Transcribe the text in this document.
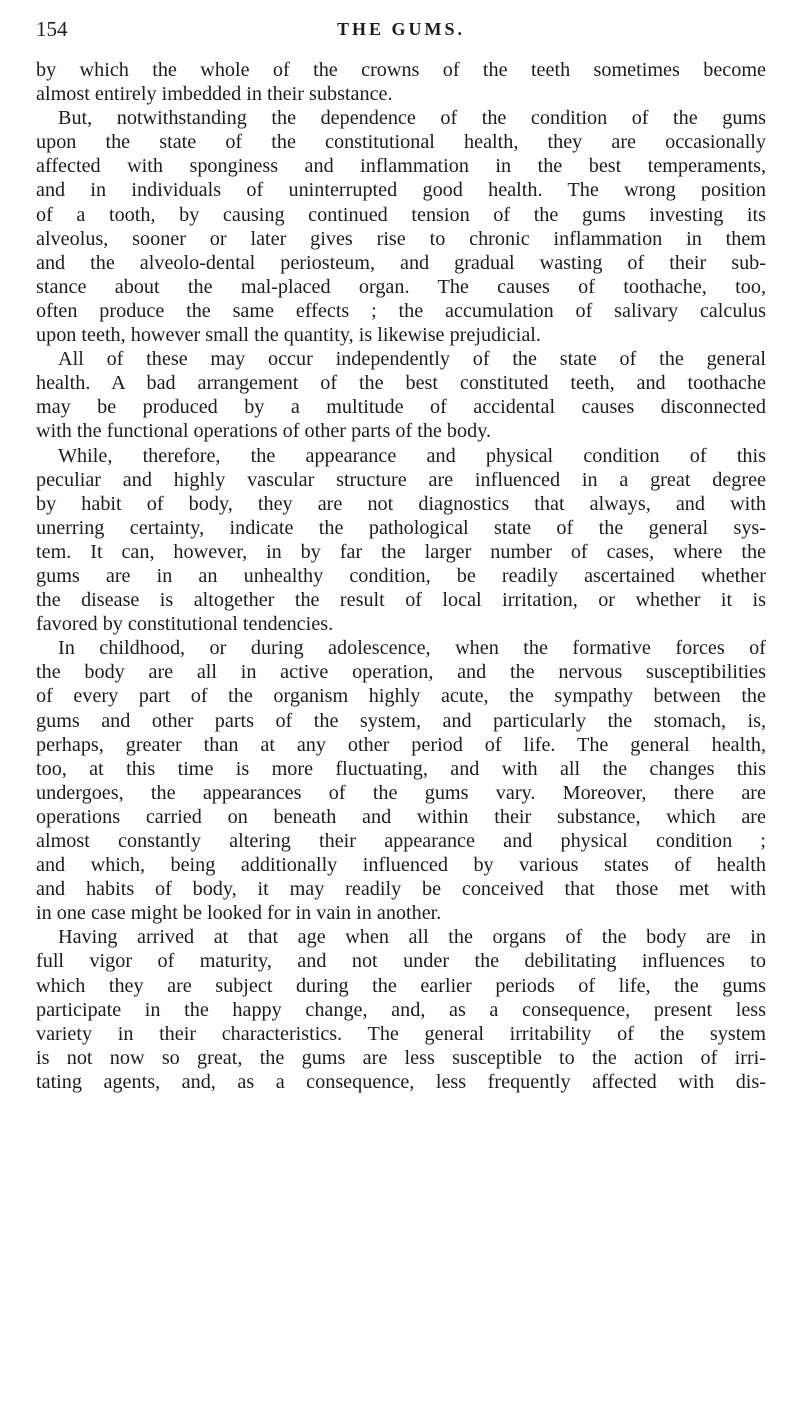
154	THE GUMS.
by which the whole of the crowns of the teeth sometimes become
almost entirely imbedded in their substance.
But, notwithstanding the dependence of the condition of the gums
upon the state of the constitutional health, they are occasionally
affected with sponginess and inflammation in the best temperaments,
and in individuals of uninterrupted good health. The wrong position
of a tooth, by causing continued tension of the gums investing its
alveolus, sooner or later gives rise to chronic inflammation in them
and the alveolo-dental periosteum, and gradual wasting of their sub-
stance about the mal-placed organ. The causes of toothache, too,
often produce the same effects ; the accumulation of salivary calculus
upon teeth, however small the quantity, is likewise prejudicial.
All of these may occur independently of the state of the general
health. A bad arrangement of the best constituted teeth, and toothache
may be produced by a multitude of accidental causes disconnected
with the functional operations of other parts of the body.
While, therefore, the appearance and physical condition of this
peculiar and highly vascular structure are influenced in a great degree
by habit of body, they are not diagnostics that always, and with
unerring certainty, indicate the pathological state of the general sys-
tem. It can, however, in by far the larger number of cases, where the
gums are in an unhealthy condition, be readily ascertained whether
the disease is altogether the result of local irritation, or whether it is
favored by constitutional tendencies.
In childhood, or during adolescence, when the formative forces of
the body are all in active operation, and the nervous susceptibilities
of every part of the organism highly acute, the sympathy between the
gums and other parts of the system, and particularly the stomach, is,
perhaps, greater than at any other period of life. The general health,
too, at this time is more fluctuating, and with all the changes this
undergoes, the appearances of the gums vary. Moreover, there are
operations carried on beneath and within their substance, which are
almost constantly altering their appearance and physical condition ;
and which, being additionally influenced by various states of health
and habits of body, it may readily be conceived that those met with
in one case might be looked for in vain in another.
Having arrived at that age when all the organs of the body are in
full vigor of maturity, and not under the debilitating influences to
which they are subject during the earlier periods of life, the gums
participate in the happy change, and, as a consequence, present less
variety in their characteristics. The general irritability of the system
is not now so great, the gums are less susceptible to the action of irri-
tating agents, and, as a consequence, less frequently affected with dis-
